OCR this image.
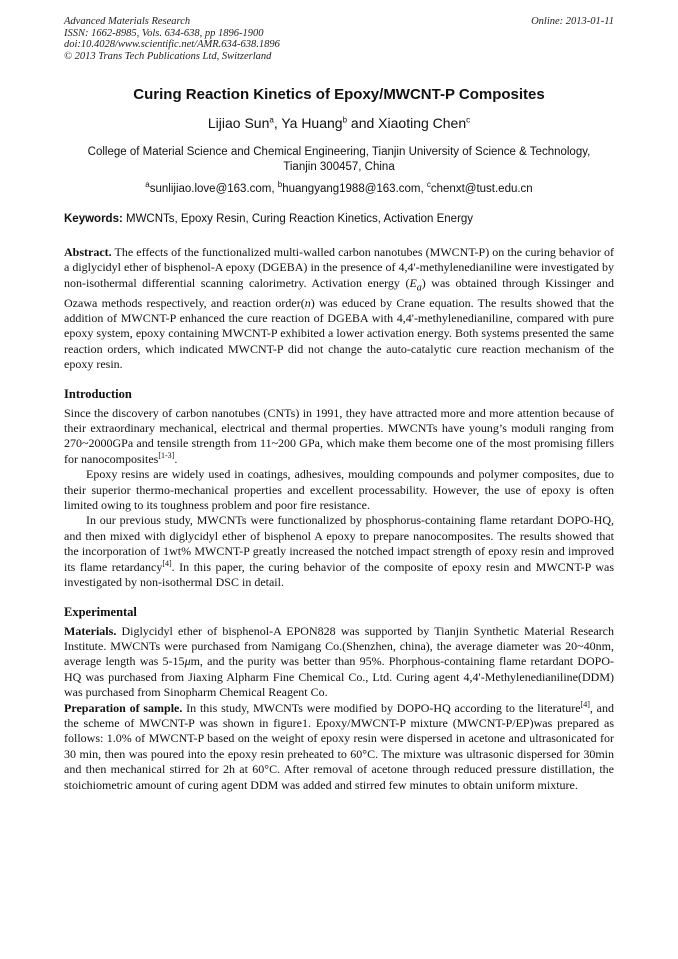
Advanced Materials Research
ISSN: 1662-8985, Vols. 634-638, pp 1896-1900
doi:10.4028/www.scientific.net/AMR.634-638.1896
© 2013 Trans Tech Publications Ltd, Switzerland
Online: 2013-01-11
Curing Reaction Kinetics of Epoxy/MWCNT-P Composites
Lijiao Sun$^a$, Ya Huang$^b$ and Xiaoting Chen$^c$
College of Material Science and Chemical Engineering, Tianjin University of Science & Technology,
Tianjin 300457, China
$^a$sunlijiao.love@163.com, $^b$huangyang1988@163.com, $^c$chenxt@tust.edu.cn
Keywords: MWCNTs, Epoxy Resin, Curing Reaction Kinetics, Activation Energy

Abstract. The effects of the functionalized multi-walled carbon nanotubes (MWCNT-P) on the curing behavior of a diglycidyl ether of bisphenol-A epoxy (DGEBA) in the presence of 4,4'-methylenedianiline were investigated by non-isothermal differential scanning calorimetry. Activation energy $(E_a)$ was obtained through Kissinger and Ozawa methods respectively, and reaction order(n) was educed by Crane equation. The results showed that the addition of MWCNT-P enhanced the cure reaction of DGEBA with 4,4'-methylenedianiline, compared with pure epoxy system, epoxy containing MWCNT-P exhibited a lower activation energy. Both systems presented the same reaction orders, which indicated MWCNT-P did not change the auto-catalytic cure reaction mechanism of the epoxy resin.

Introduction

Since the discovery of carbon nanotubes (CNTs) in 1991, they have attracted more and more attention because of their extraordinary mechanical, electrical and thermal properties. MWCNTs have young’s moduli ranging from 270~2000GPa and tensile strength from 11~200 GPa, which make them become one of the most promising fillers for nanocomposites[1-3].

Epoxy resins are widely used in coatings, adhesives, moulding compounds and polymer composites, due to their superior thermo-mechanical properties and excellent processability. However, the use of epoxy is often limited owing to its toughness problem and poor fire resistance.

In our previous study, MWCNTs were functionalized by phosphorus-containing flame retardant DOPO-HQ, and then mixed with diglycidyl ether of bisphenol A epoxy to prepare nanocomposites. The results showed that the incorporation of 1wt% MWCNT-P greatly increased the notched impact strength of epoxy resin and improved its flame retardancy[4]. In this paper, the curing behavior of the composite of epoxy resin and MWCNT-P was investigated by non-isothermal DSC in detail.

Experimental

Materials. Diglycidyl ether of bisphenol-A EPON828 was supported by Tianjin Synthetic Material Research Institute. MWCNTs were purchased from Namigang Co.(Shenzhen, china), the average diameter was 20~40nm, average length was 5-15μm, and the purity was better than 95%. Phorphous-containing flame retardant DOPO-HQ was purchased from Jiaxing Alpharm Fine Chemical Co., Ltd. Curing agent 4,4'-Methylenedianiline(DDM) was purchased from Sinopharm Chemical Reagent Co.

Preparation of sample. In this study, MWCNTs were modified by DOPO-HQ according to the literature[4], and the scheme of MWCNT-P was shown in figure1. Epoxy/MWCNT-P mixture (MWCNT-P/EP)was prepared as follows: 1.0% of MWCNT-P based on the weight of epoxy resin were dispersed in acetone and ultrasonicated for 30 min, then was poured into the epoxy resin preheated to 60°C. The mixture was ultrasonic dispersed for 30min and then mechanical stirred for 2h at 60°C. After removal of acetone through reduced pressure distillation, the stoichiometric amount of curing agent DDM was added and stirred few minutes to obtain uniform mixture.
